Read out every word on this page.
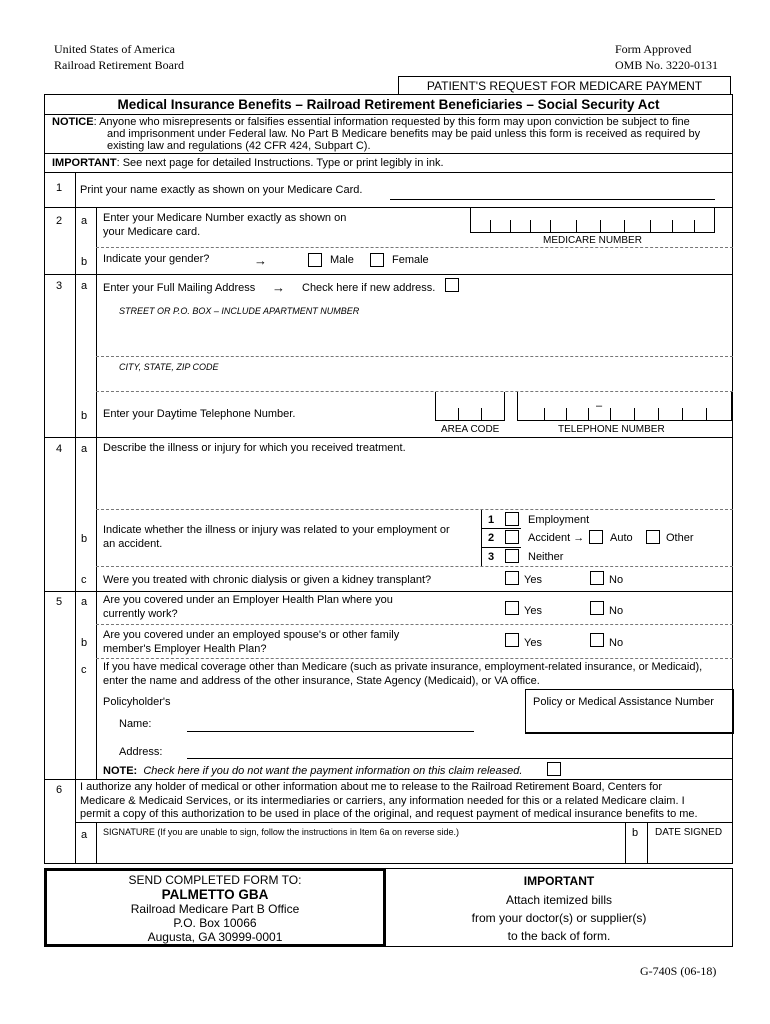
United States of America
Railroad Retirement Board
Form Approved
OMB No. 3220-0131
PATIENT'S REQUEST FOR MEDICARE PAYMENT
Medical Insurance Benefits – Railroad Retirement Beneficiaries – Social Security Act
NOTICE: Anyone who misrepresents or falsifies essential information requested by this form may upon conviction be subject to fine
and imprisonment under Federal law. No Part B Medicare benefits may be paid unless this form is received as required by
existing law and regulations (42 CFR 424, Subpart C).
IMPORTANT: See next page for detailed Instructions. Type or print legibly in ink.
1 Print your name exactly as shown on your Medicare Card.
2 a Enter your Medicare Number exactly as shown on
your Medicare card.
MEDICARE NUMBER
b Indicate your gender?	→	Male	Female
3 a Enter your Full Mailing Address → Check here if new address.
STREET OR P.O. BOX – INCLUDE APARTMENT NUMBER
CITY, STATE, ZIP CODE
b Enter your Daytime Telephone Number.
–
AREA CODE	TELEPHONE NUMBER
4 a Describe the illness or injury for which you received treatment.
b
Indicate whether the illness or injury was related to your employment or
an accident.
1	Employment
2	Accident → Auto	Other
3	Neither
c Were you treated with chronic dialysis or given a kidney transplant?	Yes	No
5 a Are you covered under an Employer Health Plan where you
currently work?	Yes	No
b
Are you covered under an employed spouse's or other family
member's Employer Health Plan?	Yes	No
c If you have medical coverage other than Medicare (such as private insurance, employment-related insurance, or Medicaid),
enter the name and address of the other insurance, State Agency (Medicaid), or VA office.
Policyholder's
Name:
Address:
Policy or Medical Assistance Number
NOTE: Check here if you do not want the payment information on this claim released.
6 I authorize any holder of medical or other information about me to release to the Railroad Retirement Board, Centers for
Medicare & Medicaid Services, or its intermediaries or carriers, any information needed for this or a related Medicare claim. I
permit a copy of this authorization to be used in place of the original, and request payment of medical insurance benefits to me.
a SIGNATURE (If you are unable to sign, follow the instructions in Item 6a on reverse side.)	b DATE SIGNED
SEND COMPLETED FORM TO:
PALMETTO GBA
Railroad Medicare Part B Office
P.O. Box 10066
Augusta, GA 30999-0001
IMPORTANT
Attach itemized bills
from your doctor(s) or supplier(s)
to the back of form.
G-740S (06-18)
